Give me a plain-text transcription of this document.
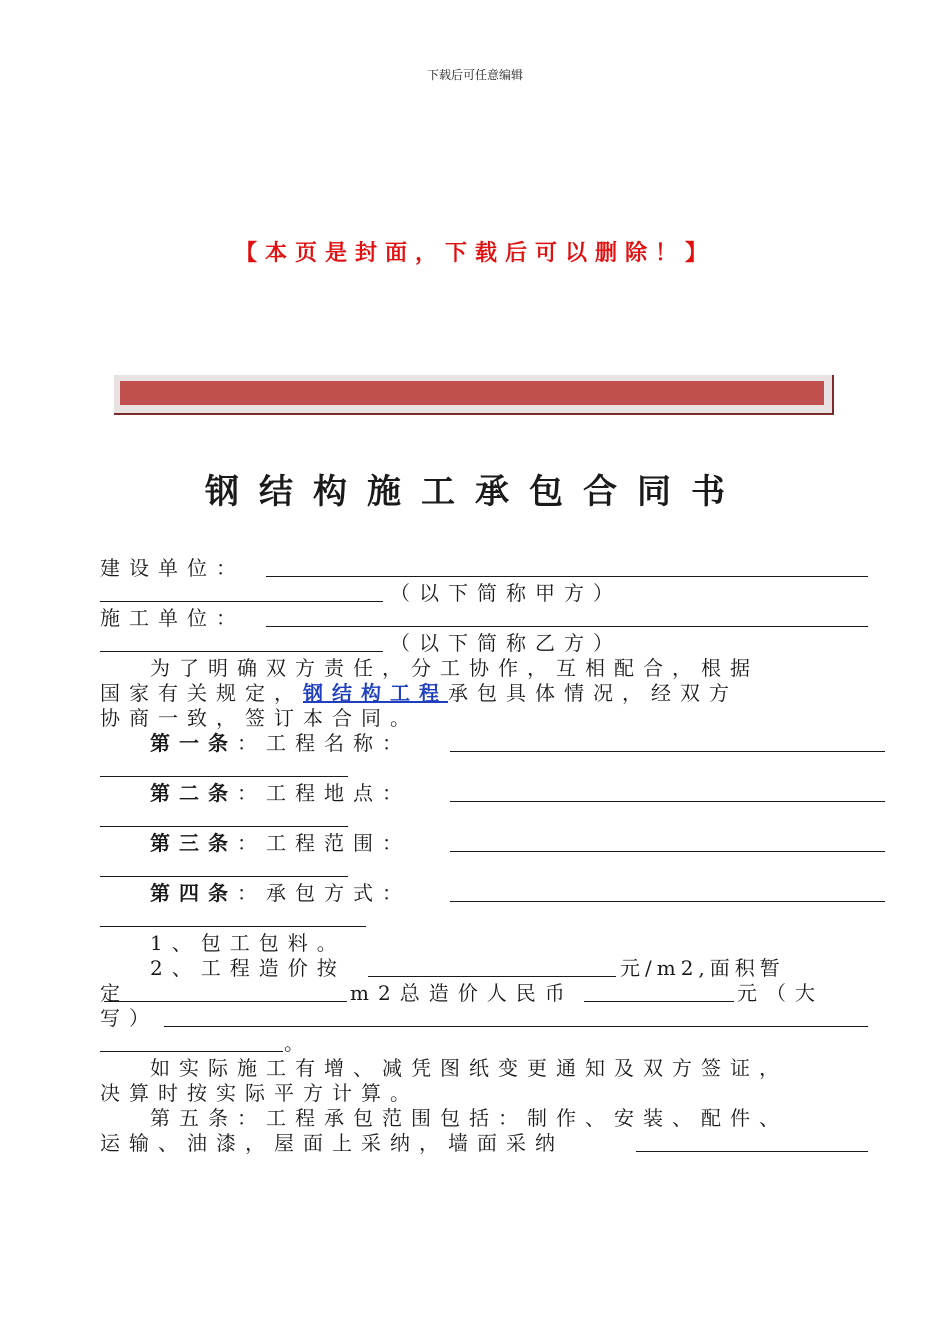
下载后可任意编辑
【本页是封面，下载后可以删除！】
钢结构施工承包合同书
建设单位：
（以下简称甲方）
施工单位：
（以下简称乙方）
为了明确双方责任，分工协作，互相配合，根据
国家有关规定，钢结构工程承包具体情况，经双方
协商一致，签订本合同。
第一条：工程名称：
第二条：工程地点：
第三条：工程范围：
第四条：承包方式：
1、包工包料。
2、工程造价按	元/m2,面积暂
定	m2总造价人民币	元（大
写）
。
如实际施工有增、减凭图纸变更通知及双方签证，
决算时按实际平方计算。
第五条：工程承包范围包括：制作、安装、配件、
运输、油漆，屋面上采纳，墙面采纳
